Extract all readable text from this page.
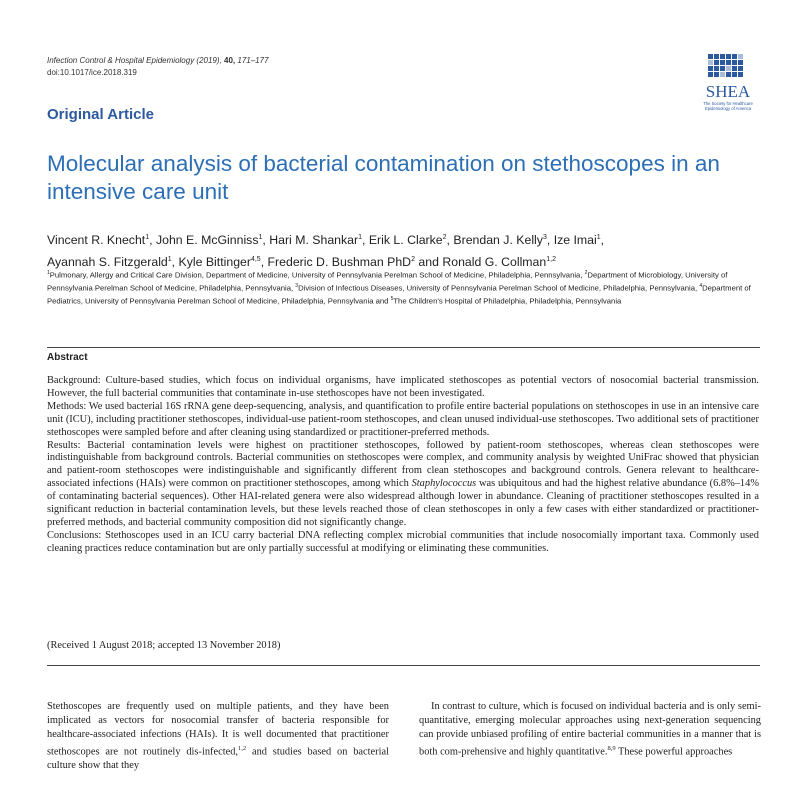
Infection Control & Hospital Epidemiology (2019), 40, 171–177
doi:10.1017/ice.2018.319
SHEA
The Society for Healthcare Epidemiology of America
Original Article
Molecular analysis of bacterial contamination on stethoscopes in an intensive care unit
Vincent R. Knecht$^1$, John E. McGinniss$^1$, Hari M. Shankar$^1$, Erik L. Clarke$^2$, Brendan J. Kelly$^3$, Ize Imai$^1$,
Ayannah S. Fitzgerald$^1$, Kyle Bittinger$^{4,5}$, Frederic D. Bushman PhD$^2$ and Ronald G. Collman$^{1,2}$
$^1$Pulmonary, Allergy and Critical Care Division, Department of Medicine, University of Pennsylvania Perelman School of Medicine, Philadelphia, Pennsylvania, $^2$Department of Microbiology, University of Pennsylvania Perelman School of Medicine, Philadelphia, Pennsylvania, $^3$Division of Infectious Diseases, University of Pennsylvania Perelman School of Medicine, Philadelphia, Pennsylvania, $^4$Department of Pediatrics, University of Pennsylvania Perelman School of Medicine, Philadelphia, Pennsylvania and $^5$The Children's Hospital of Philadelphia, Philadelphia, Pennsylvania
Abstract

Background: Culture-based studies, which focus on individual organisms, have implicated stethoscopes as potential vectors of nosocomial bacterial transmission. However, the full bacterial communities that contaminate in-use stethoscopes have not been investigated.

Methods: We used bacterial 16S rRNA gene deep-sequencing, analysis, and quantification to profile entire bacterial populations on stethoscopes in use in an intensive care unit (ICU), including practitioner stethoscopes, individual-use patient-room stethoscopes, and clean unused individual-use stethoscopes. Two additional sets of practitioner stethoscopes were sampled before and after cleaning using standardized or practitioner-preferred methods.

Results: Bacterial contamination levels were highest on practitioner stethoscopes, followed by patient-room stethoscopes, whereas clean stethoscopes were indistinguishable from background controls. Bacterial communities on stethoscopes were complex, and community analysis by weighted UniFrac showed that physician and patient-room stethoscopes were indistinguishable and significantly different from clean stethoscopes and background controls. Genera relevant to healthcare-associated infections (HAIs) were common on practitioner stethoscopes, among which Staphylococcus was ubiquitous and had the highest relative abundance (6.8%–14% of contaminating bacterial sequences). Other HAI-related genera were also widespread although lower in abundance. Cleaning of practitioner stethoscopes resulted in a significant reduction in bacterial contamination levels, but these levels reached those of clean stethoscopes in only a few cases with either standardized or practitioner-preferred methods, and bacterial community composition did not significantly change.

Conclusions: Stethoscopes used in an ICU carry bacterial DNA reflecting complex microbial communities that include nosocomially important taxa. Commonly used cleaning practices reduce contamination but are only partially successful at modifying or eliminating these communities.

(Received 1 August 2018; accepted 13 November 2018)

Stethoscopes are frequently used on multiple patients, and they have been implicated as vectors for nosocomial transfer of bacteria responsible for healthcare-associated infections (HAIs). It is well documented that practitioner stethoscopes are not routinely dis-infected,$^{1,2}$ and studies based on bacterial culture show that they

In contrast to culture, which is focused on individual bacteria and is only semi-quantitative, emerging molecular approaches using next-generation sequencing can provide unbiased profiling of entire bacterial communities in a manner that is both com-prehensive and highly quantitative.$^{8,9}$ These powerful approaches
